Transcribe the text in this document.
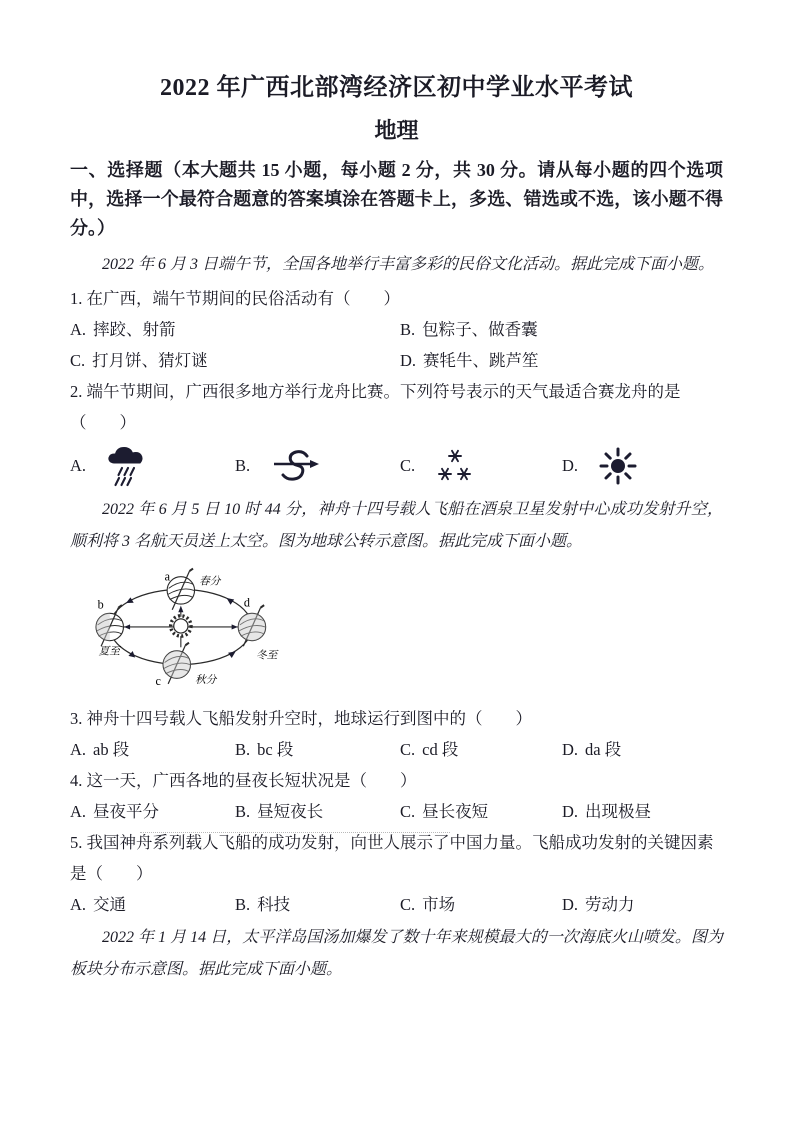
2022 年广西北部湾经济区初中学业水平考试
地理
一、选择题（本大题共 15 小题，每小题 2 分，共 30 分。请从每小题的四个选项中，选择一个最符合题意的答案填涂在答题卡上，多选、错选或不选，该小题不得分。）

2022 年 6 月 3 日端午节，全国各地举行丰富多彩的民俗文化活动。据此完成下面小题。

1. 在广西，端午节期间的民俗活动有（　　）

A. 摔跤、射箭	B. 包粽子、做香囊
C. 打月饼、猜灯谜	D. 赛牦牛、跳芦笙

2. 端午节期间，广西很多地方举行龙舟比赛。下列符号表示的天气最适合赛龙舟的是（　　）

A.	B.	C.	D.

2022 年 6 月 5 日 10 时 44 分，神舟十四号载人飞船在酒泉卫星发射中心成功发射升空，顺利将 3 名航天员送上太空。图为地球公转示意图。据此完成下面小题。

a	春分
b
夏至
c	秋分
d
冬至

3. 神舟十四号载人飞船发射升空时，地球运行到图中的（　　）

A. ab 段	B. bc 段	C. cd 段	D. da 段

4. 这一天，广西各地的昼夜长短状况是（　　）

A. 昼夜平分	B. 昼短夜长	C. 昼长夜短	D. 出现极昼

5. 我国神舟系列载人飞船的成功发射，向世人展示了中国力量。飞船成功发射的关键因素是（　　）

A. 交通	B. 科技	C. 市场	D. 劳动力

2022 年 1 月 14 日，太平洋岛国汤加爆发了数十年来规模最大的一次海底火山喷发。图为板块分布示意图。据此完成下面小题。
